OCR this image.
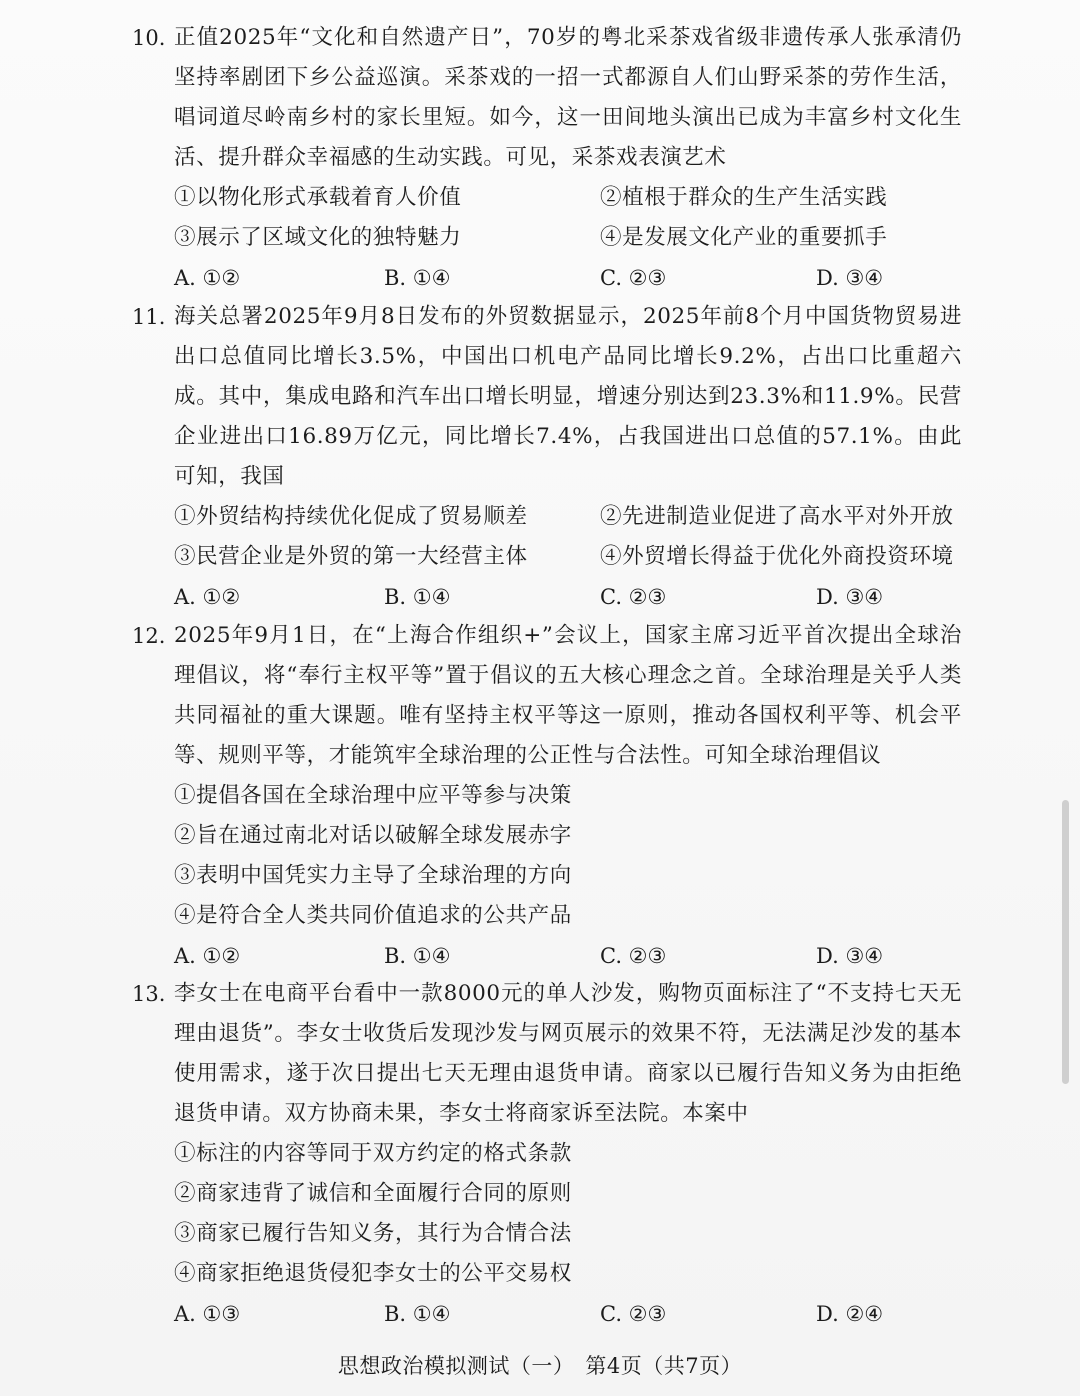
10. 正值2025年“文化和自然遗产日”，70岁的粤北采茶戏省级非遗传承人张承清仍坚持率剧团下乡公益巡演。采茶戏的一招一式都源自人们山野采茶的劳作生活，唱词道尽岭南乡村的家长里短。如今，这一田间地头演出已成为丰富乡村文化生活、提升群众幸福感的生动实践。可见，采茶戏表演艺术
①以物化形式承载着育人价值	②植根于群众的生产生活实践
③展示了区域文化的独特魅力	④是发展文化产业的重要抓手
A. ①②	B. ①④	C. ②③	D. ③④
11. 海关总署2025年9月8日发布的外贸数据显示，2025年前8个月中国货物贸易进出口总值同比增长3.5%，中国出口机电产品同比增长9.2%，占出口比重超六成。其中，集成电路和汽车出口增长明显，增速分别达到23.3%和11.9%。民营企业进出口16.89万亿元，同比增长7.4%，占我国进出口总值的57.1%。由此可知，我国
①外贸结构持续优化促成了贸易顺差	②先进制造业促进了高水平对外开放
③民营企业是外贸的第一大经营主体	④外贸增长得益于优化外商投资环境
A. ①②	B. ①④	C. ②③	D. ③④
12. 2025年9月1日，在“上海合作组织+”会议上，国家主席习近平首次提出全球治理倡议，将“奉行主权平等”置于倡议的五大核心理念之首。全球治理是关乎人类共同福祉的重大课题。唯有坚持主权平等这一原则，推动各国权利平等、机会平等、规则平等，才能筑牢全球治理的公正性与合法性。可知全球治理倡议
①提倡各国在全球治理中应平等参与决策
②旨在通过南北对话以破解全球发展赤字
③表明中国凭实力主导了全球治理的方向
④是符合全人类共同价值追求的公共产品
A. ①②	B. ①④	C. ②③	D. ③④
13. 李女士在电商平台看中一款8000元的单人沙发，购物页面标注了“不支持七天无理由退货”。李女士收货后发现沙发与网页展示的效果不符，无法满足沙发的基本使用需求，遂于次日提出七天无理由退货申请。商家以已履行告知义务为由拒绝退货申请。双方协商未果，李女士将商家诉至法院。本案中
①标注的内容等同于双方约定的格式条款
②商家违背了诚信和全面履行合同的原则
③商家已履行告知义务，其行为合情合法
④商家拒绝退货侵犯李女士的公平交易权
A. ①③	B. ①④	C. ②③	D. ②④
思想政治模拟测试（一）　第4页（共7页）
